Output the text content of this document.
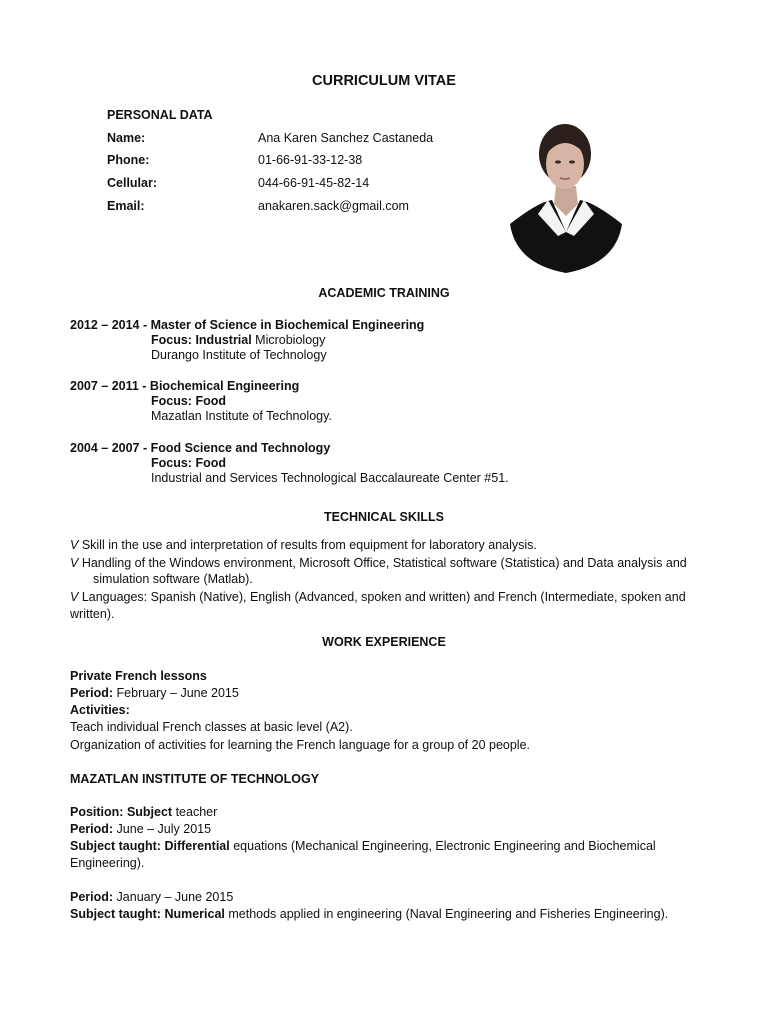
CURRICULUM VITAE
PERSONAL DATA
Name:	Ana Karen Sanchez Castaneda
Phone:	01-66-91-33-12-38
Cellular:	044-66-91-45-82-14
Email:	anakaren.sack@gmail.com
ACADEMIC TRAINING
2012 – 2014 - Master of Science in Biochemical Engineering
Focus: Industrial Microbiology
Durango Institute of Technology
2007 – 2011 - Biochemical Engineering
Focus: Food
Mazatlan Institute of Technology.
2004 – 2007 - Food Science and Technology
Focus: Food
Industrial and Services Technological Baccalaureate Center #51.
TECHNICAL SKILLS
V Skill in the use and interpretation of results from equipment for laboratory analysis.
V Handling of the Windows environment, Microsoft Office, Statistical software (Statistica) and Data analysis and
simulation software (Matlab).
V Languages: Spanish (Native), English (Advanced, spoken and written) and French (Intermediate, spoken and
written).
WORK EXPERIENCE
Private French lessons
Period: February – June 2015
Activities:
Teach individual French classes at basic level (A2).
Organization of activities for learning the French language for a group of 20 people.
MAZATLAN INSTITUTE OF TECHNOLOGY
Position: Subject teacher
Period: June – July 2015
Subject taught: Differential equations (Mechanical Engineering, Electronic Engineering and Biochemical
Engineering).
Period: January – June 2015
Subject taught: Numerical methods applied in engineering (Naval Engineering and Fisheries Engineering).
